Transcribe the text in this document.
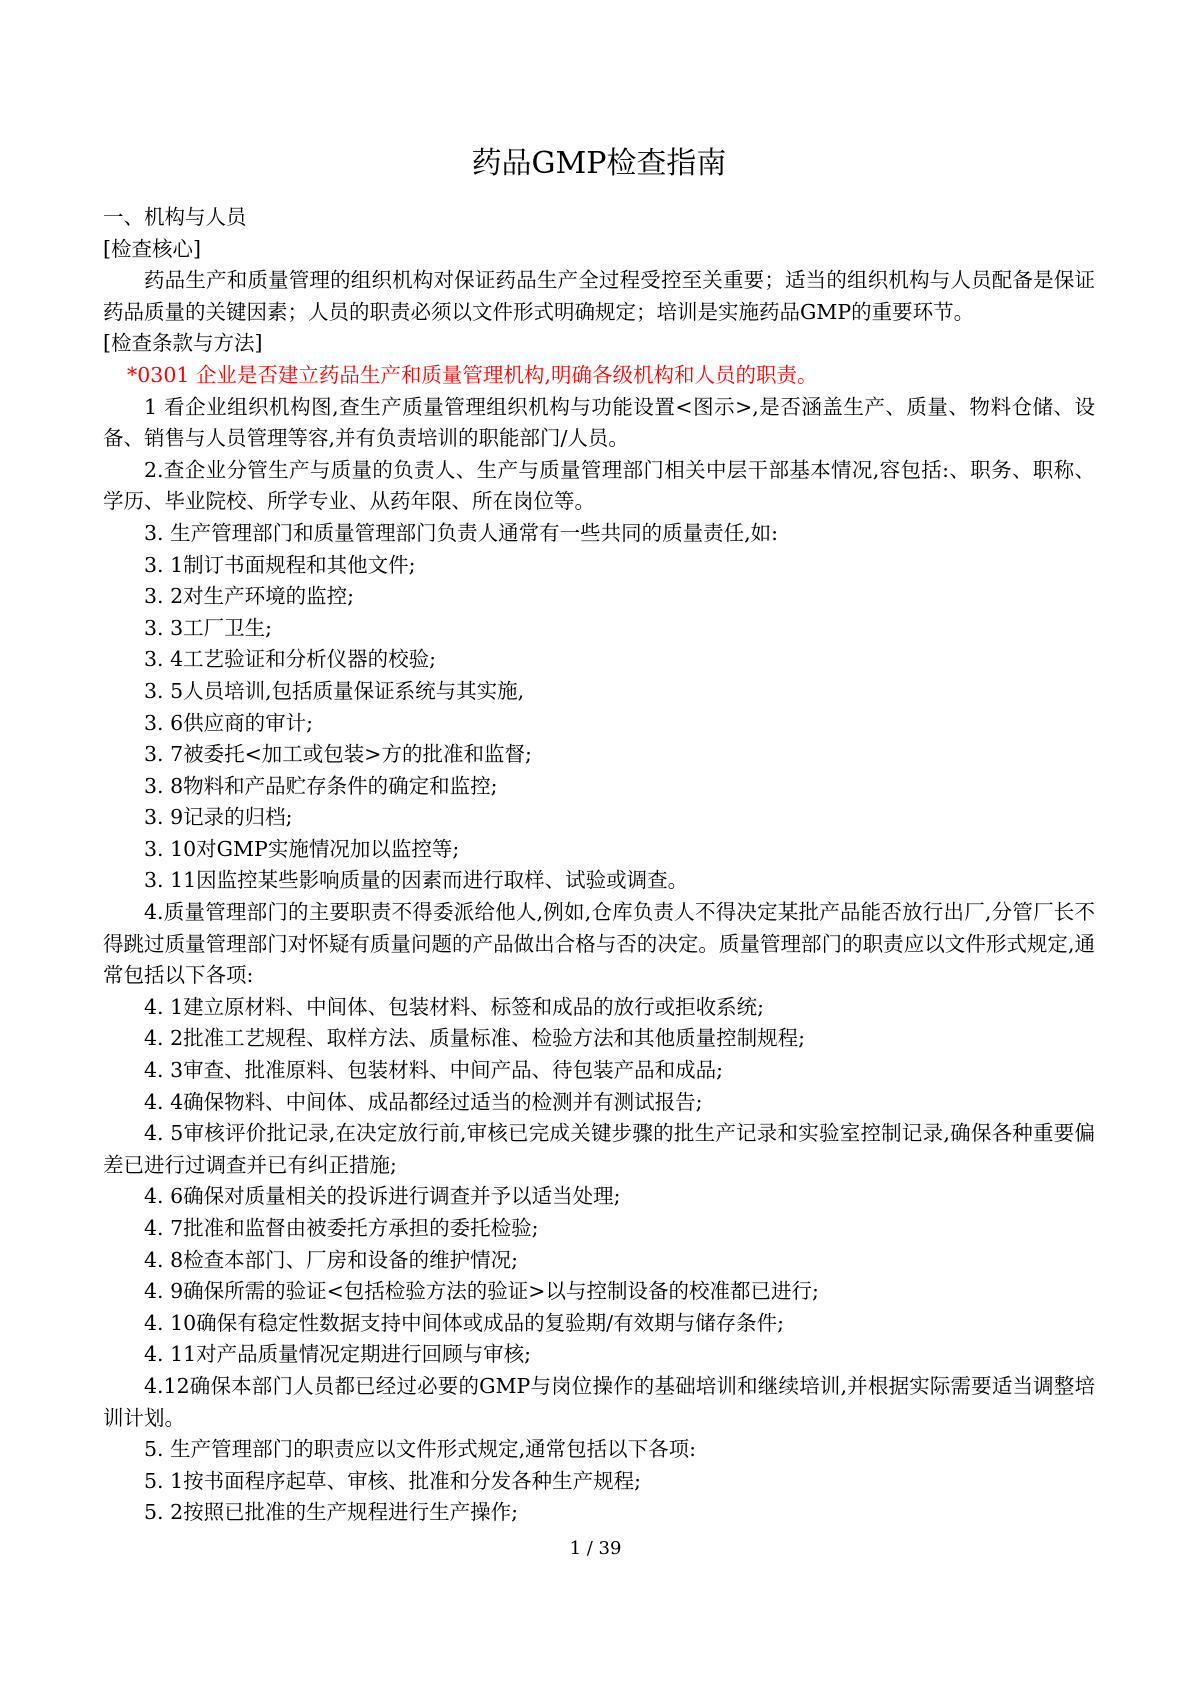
药品GMP检查指南

一、机构与人员

[检查核心]

药品生产和质量管理的组织机构对保证药品生产全过程受控至关重要；适当的组织机构与人员配备是保证药品质量的关键因素；人员的职责必须以文件形式明确规定；培训是实施药品GMP的重要环节。

[检查条款与方法]

*0301 企业是否建立药品生产和质量管理机构,明确各级机构和人员的职责。

1 看企业组织机构图,查生产质量管理组织机构与功能设置<图示>,是否涵盖生产、质量、物料仓储、设备、销售与人员管理等容,并有负责培训的职能部门/人员。

2.查企业分管生产与质量的负责人、生产与质量管理部门相关中层干部基本情况,容包括:、职务、职称、学历、毕业院校、所学专业、从药年限、所在岗位等。

3. 生产管理部门和质量管理部门负责人通常有一些共同的质量责任,如:

3. 1制订书面规程和其他文件;

3. 2对生产环境的监控;

3. 3工厂卫生;

3. 4工艺验证和分析仪器的校验;

3. 5人员培训,包括质量保证系统与其实施,

3. 6供应商的审计;

3. 7被委托<加工或包装>方的批准和监督;

3. 8物料和产品贮存条件的确定和监控;

3. 9记录的归档;

3. 10对GMP实施情况加以监控等;

3. 11因监控某些影响质量的因素而进行取样、试验或调查。

4.质量管理部门的主要职责不得委派给他人,例如,仓库负责人不得决定某批产品能否放行出厂,分管厂长不得跳过质量管理部门对怀疑有质量问题的产品做出合格与否的决定。质量管理部门的职责应以文件形式规定,通常包括以下各项:

4. 1建立原材料、中间体、包装材料、标签和成品的放行或拒收系统;

4. 2批准工艺规程、取样方法、质量标准、检验方法和其他质量控制规程;

4. 3审查、批准原料、包装材料、中间产品、待包装产品和成品;

4. 4确保物料、中间体、成品都经过适当的检测并有测试报告;

4. 5审核评价批记录,在决定放行前,审核已完成关键步骤的批生产记录和实验室控制记录,确保各种重要偏差已进行过调查并已有纠正措施;

4. 6确保对质量相关的投诉进行调查并予以适当处理;

4. 7批准和监督由被委托方承担的委托检验;

4. 8检查本部门、厂房和设备的维护情况;

4. 9确保所需的验证<包括检验方法的验证>以与控制设备的校准都已进行;

4. 10确保有稳定性数据支持中间体或成品的复验期/有效期与储存条件;

4. 11对产品质量情况定期进行回顾与审核;

4.12确保本部门人员都已经过必要的GMP与岗位操作的基础培训和继续培训,并根据实际需要适当调整培训计划。

5. 生产管理部门的职责应以文件形式规定,通常包括以下各项:

5. 1按书面程序起草、审核、批准和分发各种生产规程;

5. 2按照已批准的生产规程进行生产操作;

1 / 39
